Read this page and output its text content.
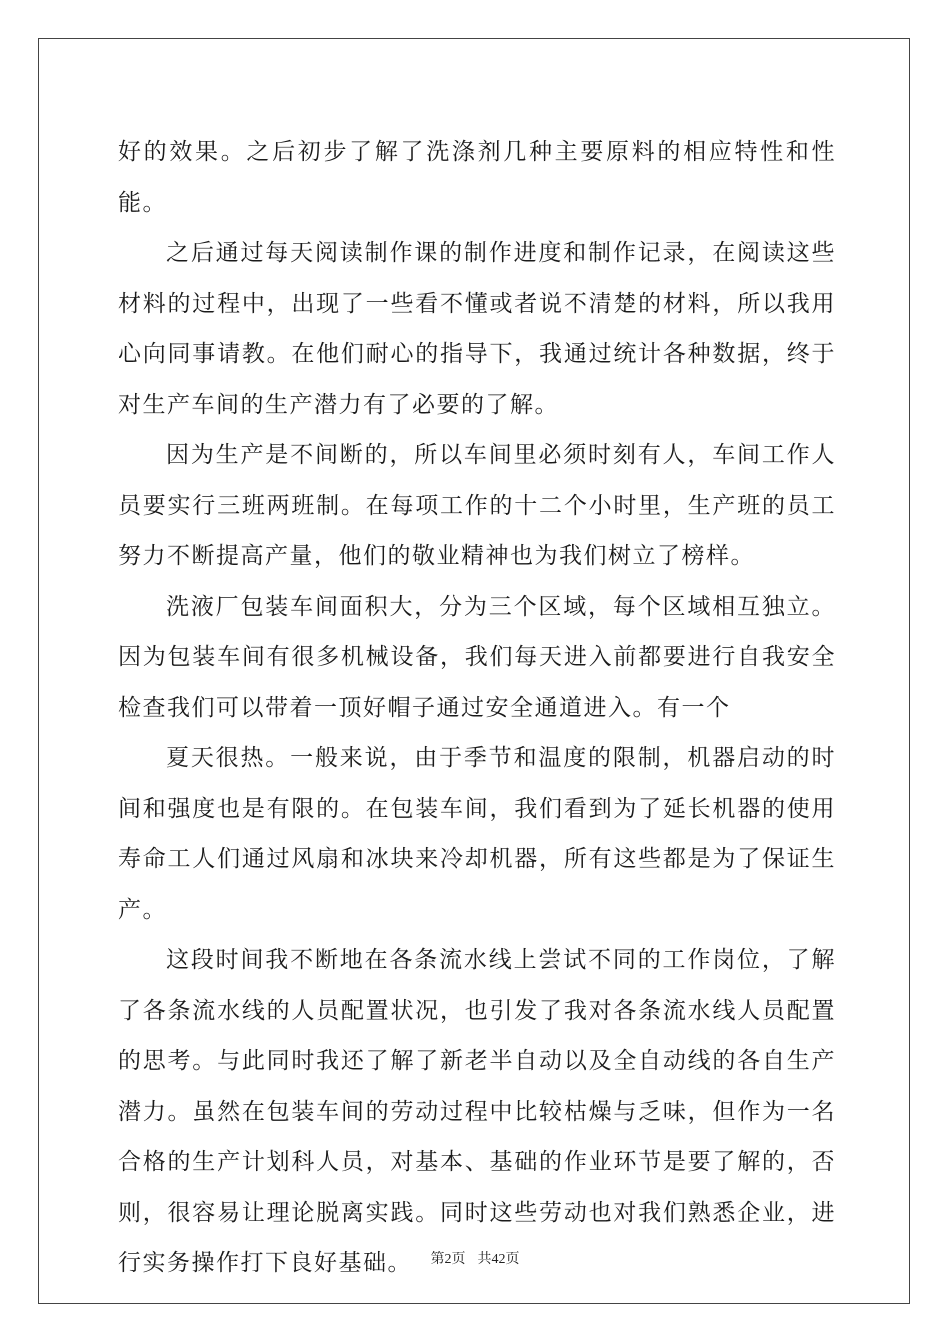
好的效果。之后初步了解了洗涤剂几种主要原料的相应特性和性能。

之后通过每天阅读制作课的制作进度和制作记录，在阅读这些材料的过程中，出现了一些看不懂或者说不清楚的材料，所以我用心向同事请教。在他们耐心的指导下，我通过统计各种数据，终于对生产车间的生产潜力有了必要的了解。

因为生产是不间断的，所以车间里必须时刻有人，车间工作人员要实行三班两班制。在每项工作的十二个小时里，生产班的员工努力不断提高产量，他们的敬业精神也为我们树立了榜样。

洗液厂包装车间面积大，分为三个区域，每个区域相互独立。因为包装车间有很多机械设备，我们每天进入前都要进行自我安全检查我们可以带着一顶好帽子通过安全通道进入。有一个

夏天很热。一般来说，由于季节和温度的限制，机器启动的时间和强度也是有限的。在包装车间，我们看到为了延长机器的使用寿命工人们通过风扇和冰块来冷却机器，所有这些都是为了保证生产。

这段时间我不断地在各条流水线上尝试不同的工作岗位，了解了各条流水线的人员配置状况，也引发了我对各条流水线人员配置的思考。与此同时我还了解了新老半自动以及全自动线的各自生产潜力。虽然在包装车间的劳动过程中比较枯燥与乏味，但作为一名合格的生产计划科人员，对基本、基础的作业环节是要了解的，否则，很容易让理论脱离实践。同时这些劳动也对我们熟悉企业，进行实务操作打下良好基础。	第2页 共42页
